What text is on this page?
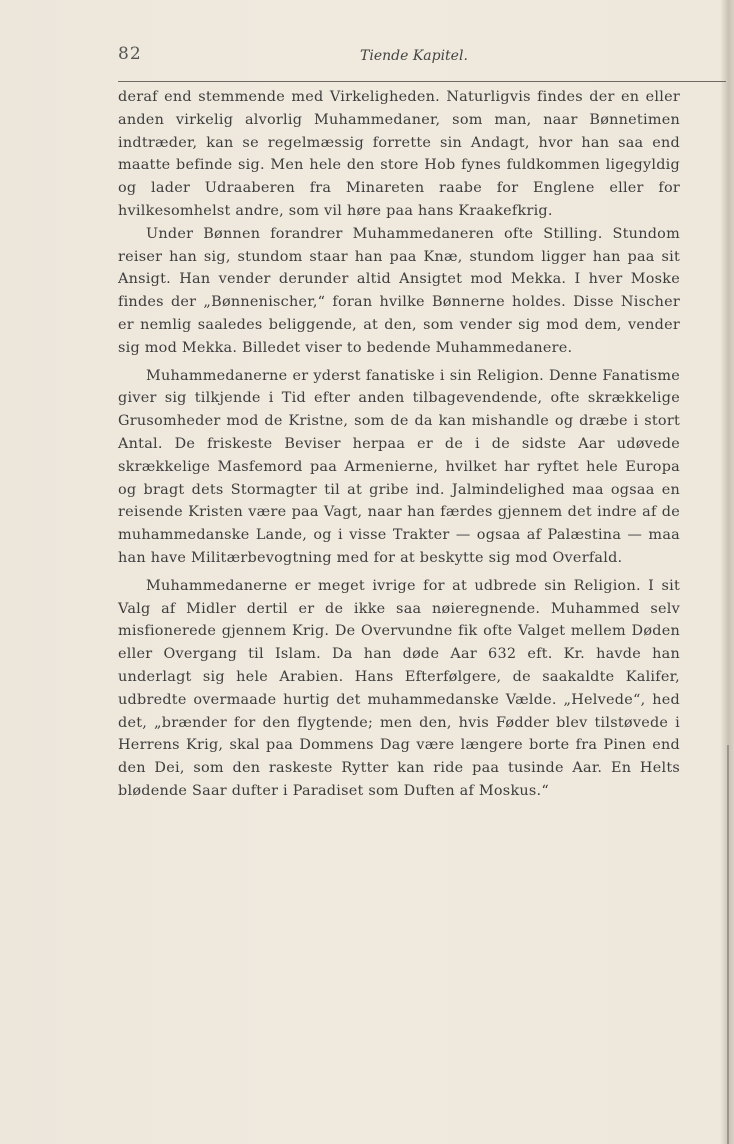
82	Tiende Kapitel.

deraf end stemmende med Virkeligheden. Naturligvis findes der en eller anden virkelig alvorlig Muhammedaner, som man, naar Bønnetimen indtræder, kan se regelmæssig forrette sin Andagt, hvor han saa end maatte befinde sig. Men hele den store Hob fynes fuldkommen ligegyldig og lader Udraaberen fra Minareten raabe for Englene eller for hvilkesomhelst andre, som vil høre paa hans Kraakefkrig.

Under Bønnen forandrer Muhammedaneren ofte Stilling. Stundom reiser han sig, stundom staar han paa Knæ, stundom ligger han paa sit Ansigt. Han vender derunder altid Ansigtet mod Mekka. I hver Moske findes der „Bønnenischer,“ foran hvilke Bønnerne holdes. Disse Nischer er nemlig saaledes beliggende, at den, som vender sig mod dem, vender sig mod Mekka. Billedet viser to bedende Muhammedanere.

Muhammedanerne er yderst fanatiske i sin Religion. Denne Fanatisme giver sig tilkjende i Tid efter anden tilbagevendende, ofte skrækkelige Grusomheder mod de Kristne, som de da kan mishandle og dræbe i stort Antal. De friskeste Beviser herpaa er de i de sidste Aar udøvede skrækkelige Masfemord paa Armenierne, hvilket har ryftet hele Europa og bragt dets Stormagter til at gribe ind. Jalmindelighed maa ogsaa en reisende Kristen være paa Vagt, naar han færdes gjennem det indre af de muhammedanske Lande, og i visse Trakter — ogsaa af Palæstina — maa han have Militærbevogtning med for at beskytte sig mod Overfald.

Muhammedanerne er meget ivrige for at udbrede sin Religion. I sit Valg af Midler dertil er de ikke saa nøieregnende. Muhammed selv misfionerede gjennem Krig. De Overvundne fik ofte Valget mellem Døden eller Overgang til Islam. Da han døde Aar 632 eft. Kr. havde han underlagt sig hele Arabien. Hans Efterfølgere, de saakaldte Kalifer, udbredte overmaade hurtig det muhammedanske Vælde. „Helvede“, hed det, „brænder for den flygtende; men den, hvis Fødder blev tilstøvede i Herrens Krig, skal paa Dommens Dag være længere borte fra Pinen end den Dei, som den raskeste Rytter kan ride paa tusinde Aar. En Helts blødende Saar dufter i Paradiset som Duften af Moskus.“
